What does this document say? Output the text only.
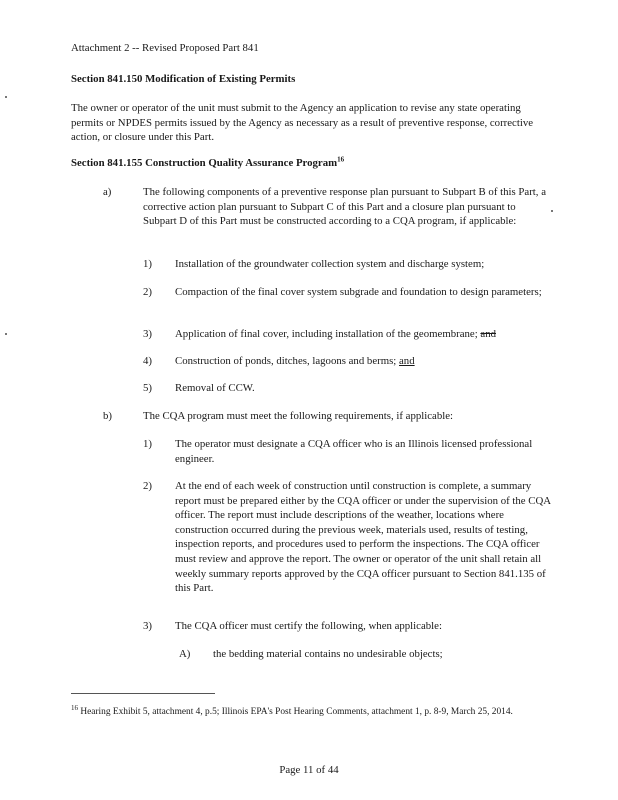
Attachment 2 -- Revised Proposed Part 841
Section 841.150 Modification of Existing Permits

The owner or operator of the unit must submit to the Agency an application to revise any state operating permits or NPDES permits issued by the Agency as necessary as a result of preventive response, corrective action, or closure under this Part.

Section 841.155 Construction Quality Assurance Program$^{16}$
a)	The following components of a preventive response plan pursuant to Subpart B of this Part, a corrective action plan pursuant to Subpart C of this Part and a closure plan pursuant to Subpart D of this Part must be constructed according to a CQA program, if applicable:

1) Installation of the groundwater collection system and discharge system;

2) Compaction of the final cover system subgrade and foundation to design parameters;

3) Application of final cover, including installation of the geomembrane; and

4) Construction of ponds, ditches, lagoons and berms; and

5) Removal of CCW.

b)	The CQA program must meet the following requirements, if applicable:

1) The operator must designate a CQA officer who is an Illinois licensed professional engineer.

2) At the end of each week of construction until construction is complete, a summary report must be prepared either by the CQA officer or under the supervision of the CQA officer. The report must include descriptions of the weather, locations where construction occurred during the previous week, materials used, results of testing, inspection reports, and procedures used to perform the inspections. The CQA officer must review and approve the report. The owner or operator of the unit shall retain all weekly summary reports approved by the CQA officer pursuant to Section 841.135 of this Part.

3) The CQA officer must certify the following, when applicable:

A) the bedding material contains no undesirable objects;

$^{16}$ Hearing Exhibit 5, attachment 4, p.5; Illinois EPA's Post Hearing Comments, attachment 1, p. 8-9, March 25, 2014.

Page 11 of 44
